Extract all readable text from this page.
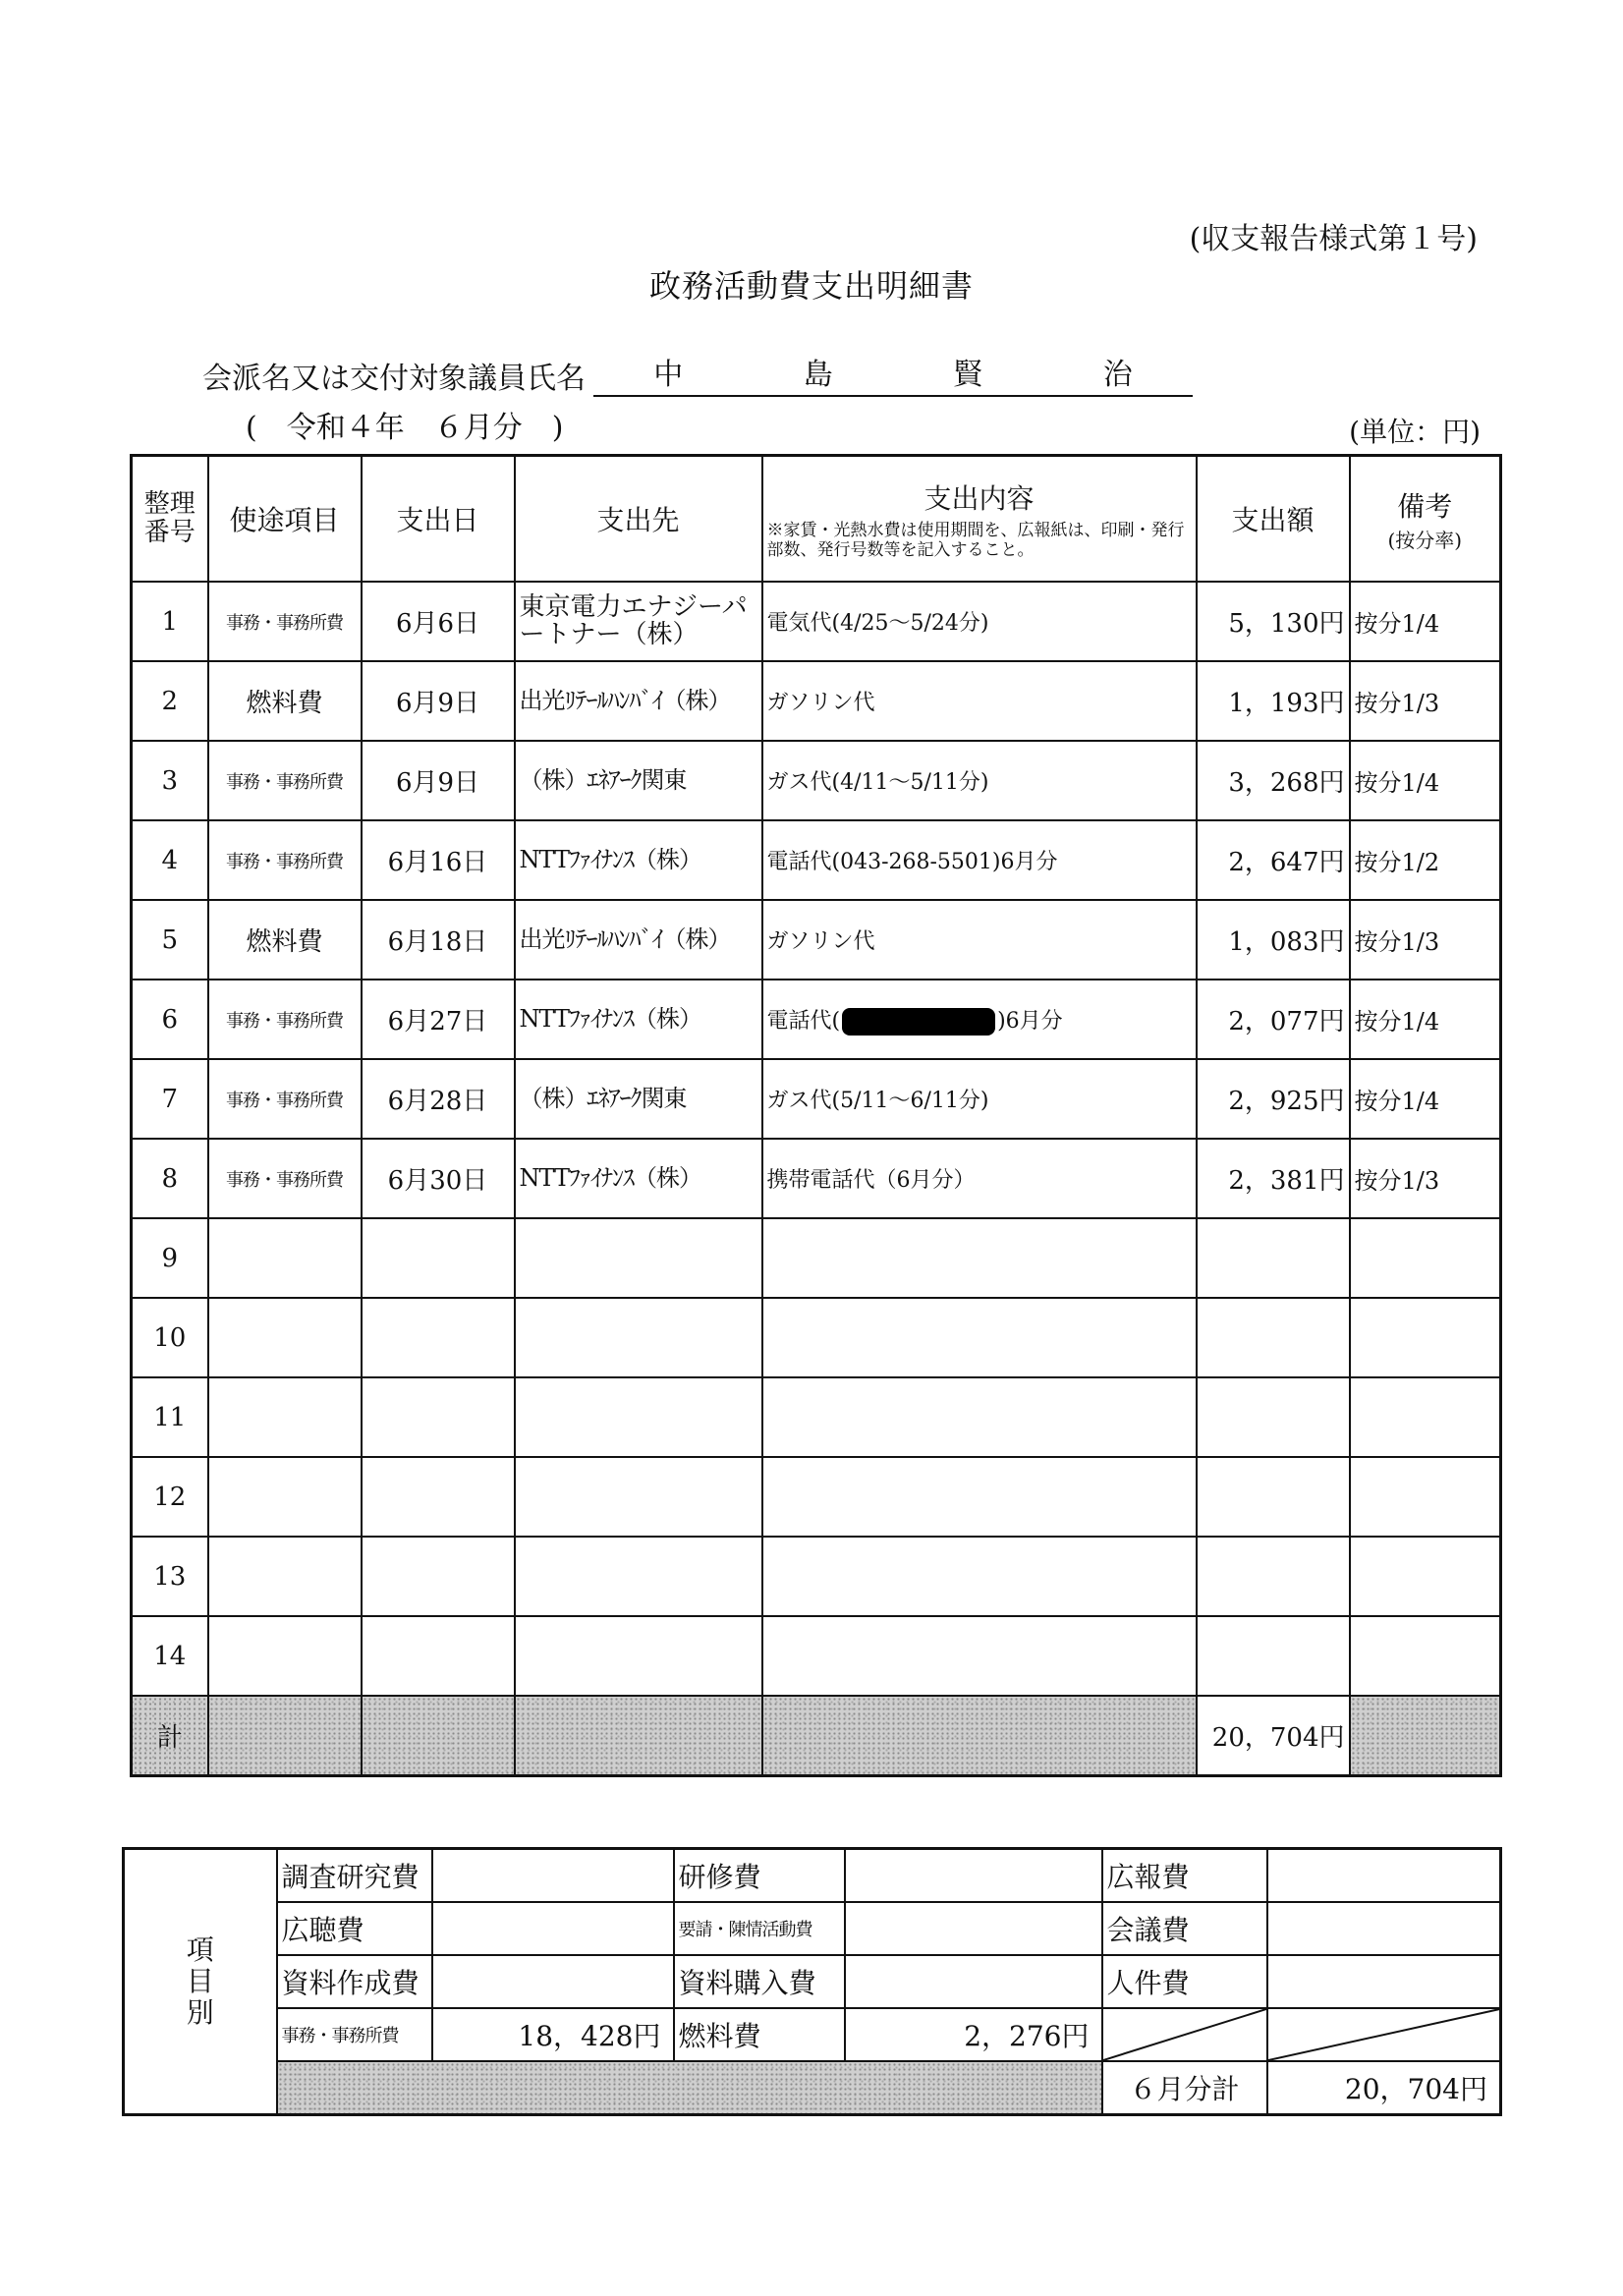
(収支報告様式第１号)
政務活動費支出明細書
会派名又は交付対象議員氏名 中	島	賢	治
(　令和４年　６月分　)	(単位：円)
整理番号	使途項目	支出日	支出先	支出内容
※家賃・光熱水費は使用期間を、広報紙は、印刷・発行部数、発行号数等を記入すること。	支出額	備考
(按分率)

1	事務・事務所費	6月6日	東京電力エナジーパートナー（株）	電気代(4/25～5/24分)	5，130円	按分1/4
2	燃料費	6月9日	出光ﾘﾃｰﾙﾊﾝﾊﾞｲ（株）	ガソリン代	1，193円	按分1/3
3	事務・事務所費	6月9日	（株）ｴﾈｱｰｸ関東	ガス代(4/11～5/11分)	3，268円	按分1/4
4	事務・事務所費	6月16日	NTTﾌｧｲﾅﾝｽ（株）	電話代(043-268-5501)6月分	2，647円	按分1/2
5	燃料費	6月18日	出光ﾘﾃｰﾙﾊﾝﾊﾞｲ（株）	ガソリン代	1，083円	按分1/3
6	事務・事務所費	6月27日	NTTﾌｧｲﾅﾝｽ（株）	電話代( )6月分	2，077円	按分1/4
7	事務・事務所費	6月28日	（株）ｴﾈｱｰｸ関東	ガス代(5/11～6/11分)	2，925円	按分1/4
8	事務・事務所費	6月30日	NTTﾌｧｲﾅﾝｽ（株）	携帯電話代（6月分）	2，381円	按分1/3
9						
10						
11						
12						
13						
14						
計					20，704円	
項
目
別	調査研究費		研修費		広報費	
	広聴費		要請・陳情活動費		会議費	
	資料作成費		資料購入費		人件費	
	事務・事務所費	18，428円	燃料費	2，276円	

					６月分計	20，704円
